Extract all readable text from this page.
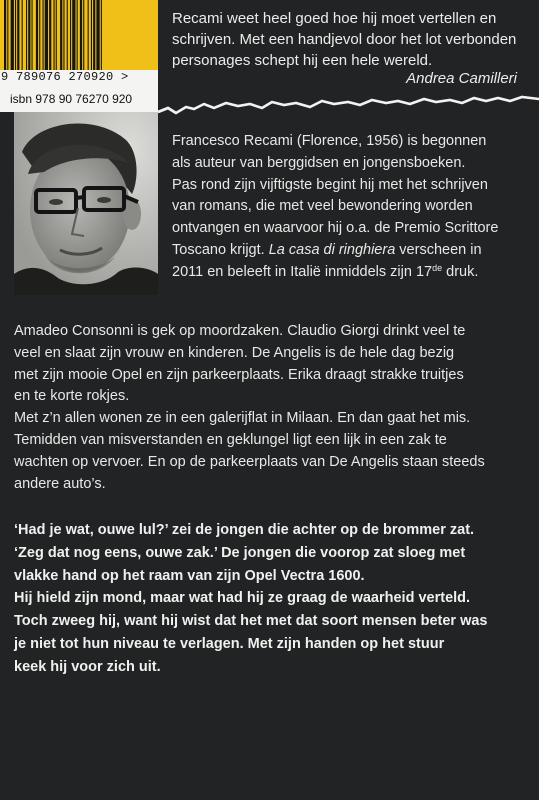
9 789076 270920 >
isbn 978 90 76270 920

Recami weet heel goed hoe hij moet vertellen en

schrijven. Met een handjevol door het lot verbonden

personages schept hij een hele wereld.

Andrea Camilleri

Francesco Recami (Florence, 1956) is begonnen

als auteur van berggidsen en jongensboeken.

Pas rond zijn vijftigste begint hij met het schrijven

van romans, die met veel bewondering worden

ontvangen en waarvoor hij o.a. de Premio Scrittore

Toscano krijgt. La casa di ringhiera verscheen in

2011 en beleeft in Italië inmiddels zijn 17de druk.

Amadeo Consonni is gek op moordzaken. Claudio Giorgi drinkt veel te

veel en slaat zijn vrouw en kinderen. De Angelis is de hele dag bezig

met zijn mooie Opel en zijn parkeerplaats. Erika draagt strakke truitjes

en te korte rokjes.

Met z’n allen wonen ze in een galerijflat in Milaan. En dan gaat het mis.

Temidden van misverstanden en geklungel ligt een lijk in een zak te

wachten op vervoer. En op de parkeerplaats van De Angelis staan steeds

andere auto’s.

‘Had je wat, ouwe lul?’ zei de jongen die achter op de brommer zat.

‘Zeg dat nog eens, ouwe zak.’ De jongen die voorop zat sloeg met

vlakke hand op het raam van zijn Opel Vectra 1600.

Hij hield zijn mond, maar wat had hij ze graag de waarheid verteld.

Toch zweeg hij, want hij wist dat het met dat soort mensen beter was

je niet tot hun niveau te verlagen. Met zijn handen op het stuur

keek hij voor zich uit.
